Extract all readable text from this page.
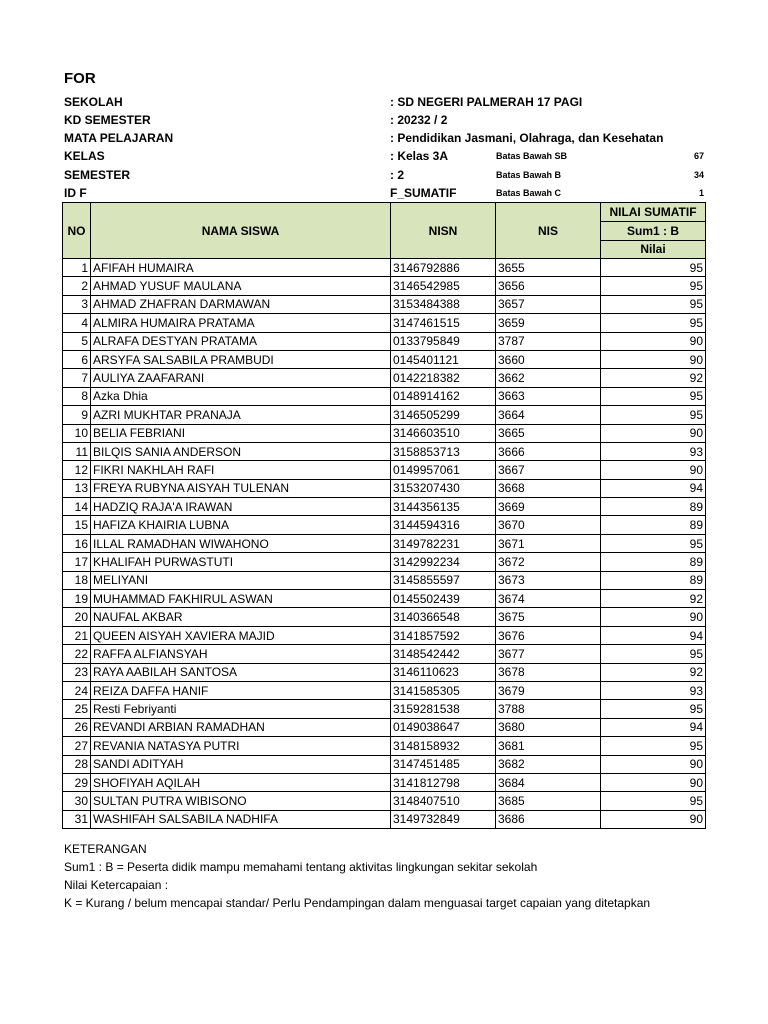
FOR
SEKOLAH	: SD NEGERI PALMERAH 17 PAGI
KD SEMESTER	: 20232 / 2
MATA PELAJARAN	: Pendidikan Jasmani, Olahraga, dan Kesehatan
KELAS	: Kelas 3A	Batas Bawah SB	67
SEMESTER	: 2	Batas Bawah B	34
ID F	F_SUMATIF	Batas Bawah C	1
NO	NAMA SISWA	NISN	NIS	NILAI SUMATIF
				Sum1 : B
				Nilai
1	AFIFAH HUMAIRA	3146792886	3655	95
2	AHMAD YUSUF MAULANA	3146542985	3656	95
3	AHMAD ZHAFRAN DARMAWAN	3153484388	3657	95
4	ALMIRA HUMAIRA PRATAMA	3147461515	3659	95
5	ALRAFA DESTYAN PRATAMA	0133795849	3787	90
6	ARSYFA SALSABILA PRAMBUDI	0145401121	3660	90
7	AULIYA ZAAFARANI	0142218382	3662	92
8	Azka Dhia	0148914162	3663	95
9	AZRI MUKHTAR PRANAJA	3146505299	3664	95
10	BELIA FEBRIANI	3146603510	3665	90
11	BILQIS SANIA ANDERSON	3158853713	3666	93
12	FIKRI NAKHLAH RAFI	0149957061	3667	90
13	FREYA RUBYNA AISYAH TULENAN	3153207430	3668	94
14	HADZIQ RAJA'A IRAWAN	3144356135	3669	89
15	HAFIZA KHAIRIA LUBNA	3144594316	3670	89
16	ILLAL RAMADHAN WIWAHONO	3149782231	3671	95
17	KHALIFAH PURWASTUTI	3142992234	3672	89
18	MELIYANI	3145855597	3673	89
19	MUHAMMAD FAKHIRUL ASWAN	0145502439	3674	92
20	NAUFAL AKBAR	3140366548	3675	90
21	QUEEN AISYAH XAVIERA MAJID	3141857592	3676	94
22	RAFFA ALFIANSYAH	3148542442	3677	95
23	RAYA AABILAH SANTOSA	3146110623	3678	92
24	REIZA DAFFA HANIF	3141585305	3679	93
25	Resti Febriyanti	3159281538	3788	95
26	REVANDI ARBIAN RAMADHAN	0149038647	3680	94
27	REVANIA NATASYA PUTRI	3148158932	3681	95
28	SANDI ADITYAH	3147451485	3682	90
29	SHOFIYAH AQILAH	3141812798	3684	90
30	SULTAN PUTRA WIBISONO	3148407510	3685	95
31	WASHIFAH SALSABILA NADHIFA	3149732849	3686	90
KETERANGAN
Sum1 : B = Peserta didik mampu memahami tentang aktivitas lingkungan sekitar sekolah
Nilai Ketercapaian :
K = Kurang / belum mencapai standar/ Perlu Pendampingan dalam menguasai target capaian yang ditetapkan
